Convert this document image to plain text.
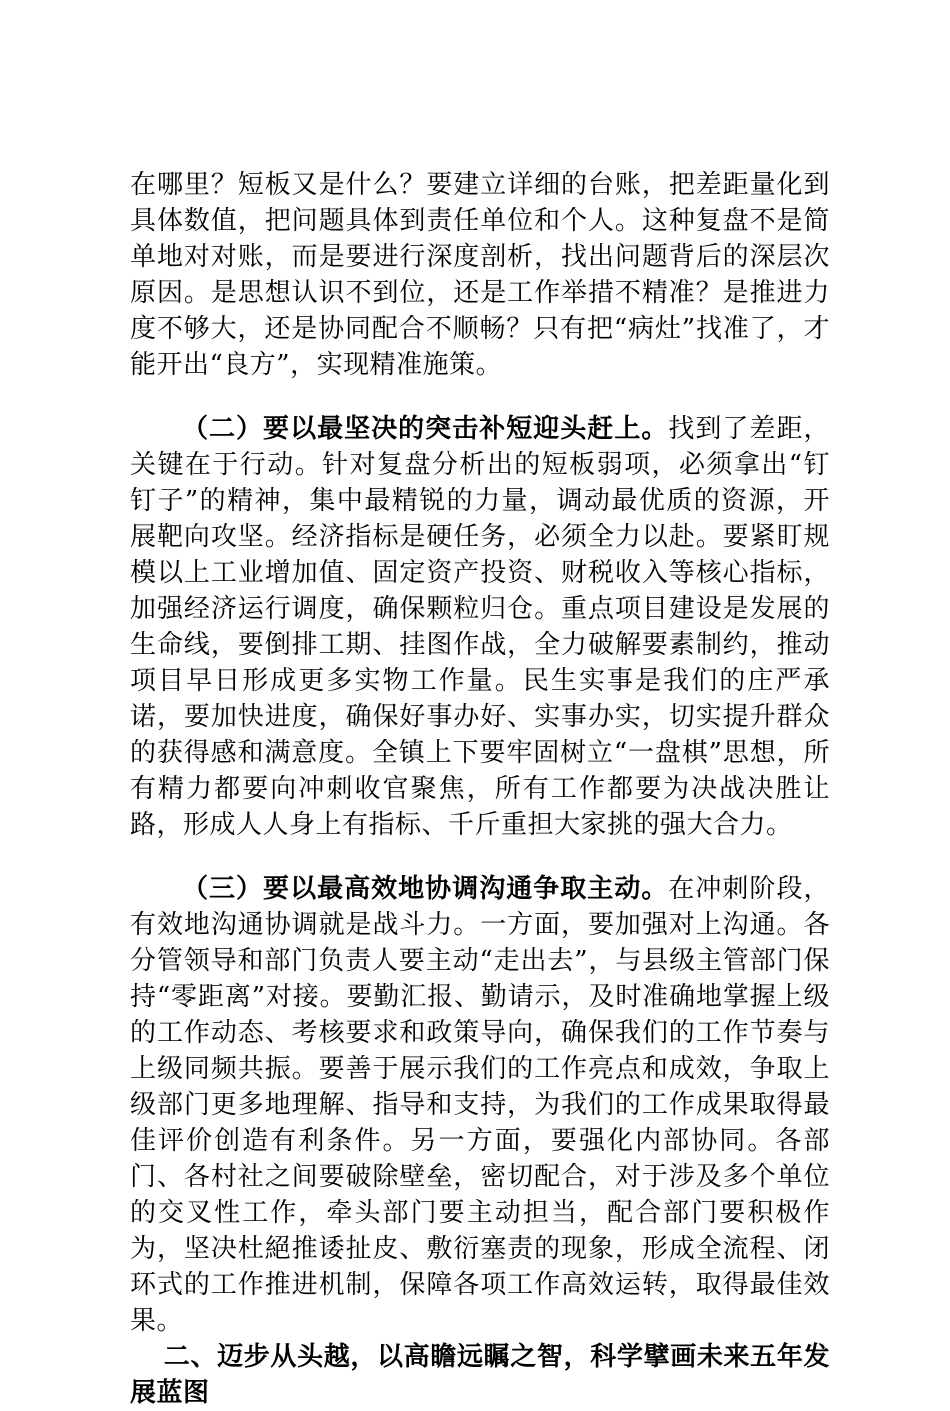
在哪里？短板又是什么？要建立详细的台账，把差距量化到具体数值，把问题具体到责任单位和个人。这种复盘不是简单地对对账，而是要进行深度剖析，找出问题背后的深层次原因。是思想认识不到位，还是工作举措不精准？是推进力度不够大，还是协同配合不顺畅？只有把“病灶”找准了，才能开出“良方”，实现精准施策。

（二）要以最坚决的突击补短迎头赶上。找到了差距，关键在于行动。针对复盘分析出的短板弱项，必须拿出“钉钉子”的精神，集中最精锐的力量，调动最优质的资源，开展靶向攻坚。经济指标是硬任务，必须全力以赴。要紧盯规模以上工业增加值、固定资产投资、财税收入等核心指标，加强经济运行调度，确保颗粒归仓。重点项目建设是发展的生命线，要倒排工期、挂图作战，全力破解要素制约，推动项目早日形成更多实物工作量。民生实事是我们的庄严承诺，要加快进度，确保好事办好、实事办实，切实提升群众的获得感和满意度。全镇上下要牢固树立“一盘棋”思想，所有精力都要向冲刺收官聚焦，所有工作都要为决战决胜让路，形成人人身上有指标、千斤重担大家挑的强大合力。

（三）要以最高效地协调沟通争取主动。在冲刺阶段，有效地沟通协调就是战斗力。一方面，要加强对上沟通。各分管领导和部门负责人要主动“走出去”，与县级主管部门保持“零距离”对接。要勤汇报、勤请示，及时准确地掌握上级的工作动态、考核要求和政策导向，确保我们的工作节奏与上级同频共振。要善于展示我们的工作亮点和成效，争取上级部门更多地理解、指导和支持，为我们的工作成果取得最佳评价创造有利条件。另一方面，要强化内部协同。各部门、各村社之间要破除壁垒，密切配合，对于涉及多个单位的交叉性工作，牵头部门要主动担当，配合部门要积极作为，坚决杜絕推诿扯皮、敷衍塞责的现象，形成全流程、闭环式的工作推进机制，保障各项工作高效运转，取得最佳效果。

二、迈步从头越，以高瞻远瞩之智，科学擘画未来五年发展蓝图
